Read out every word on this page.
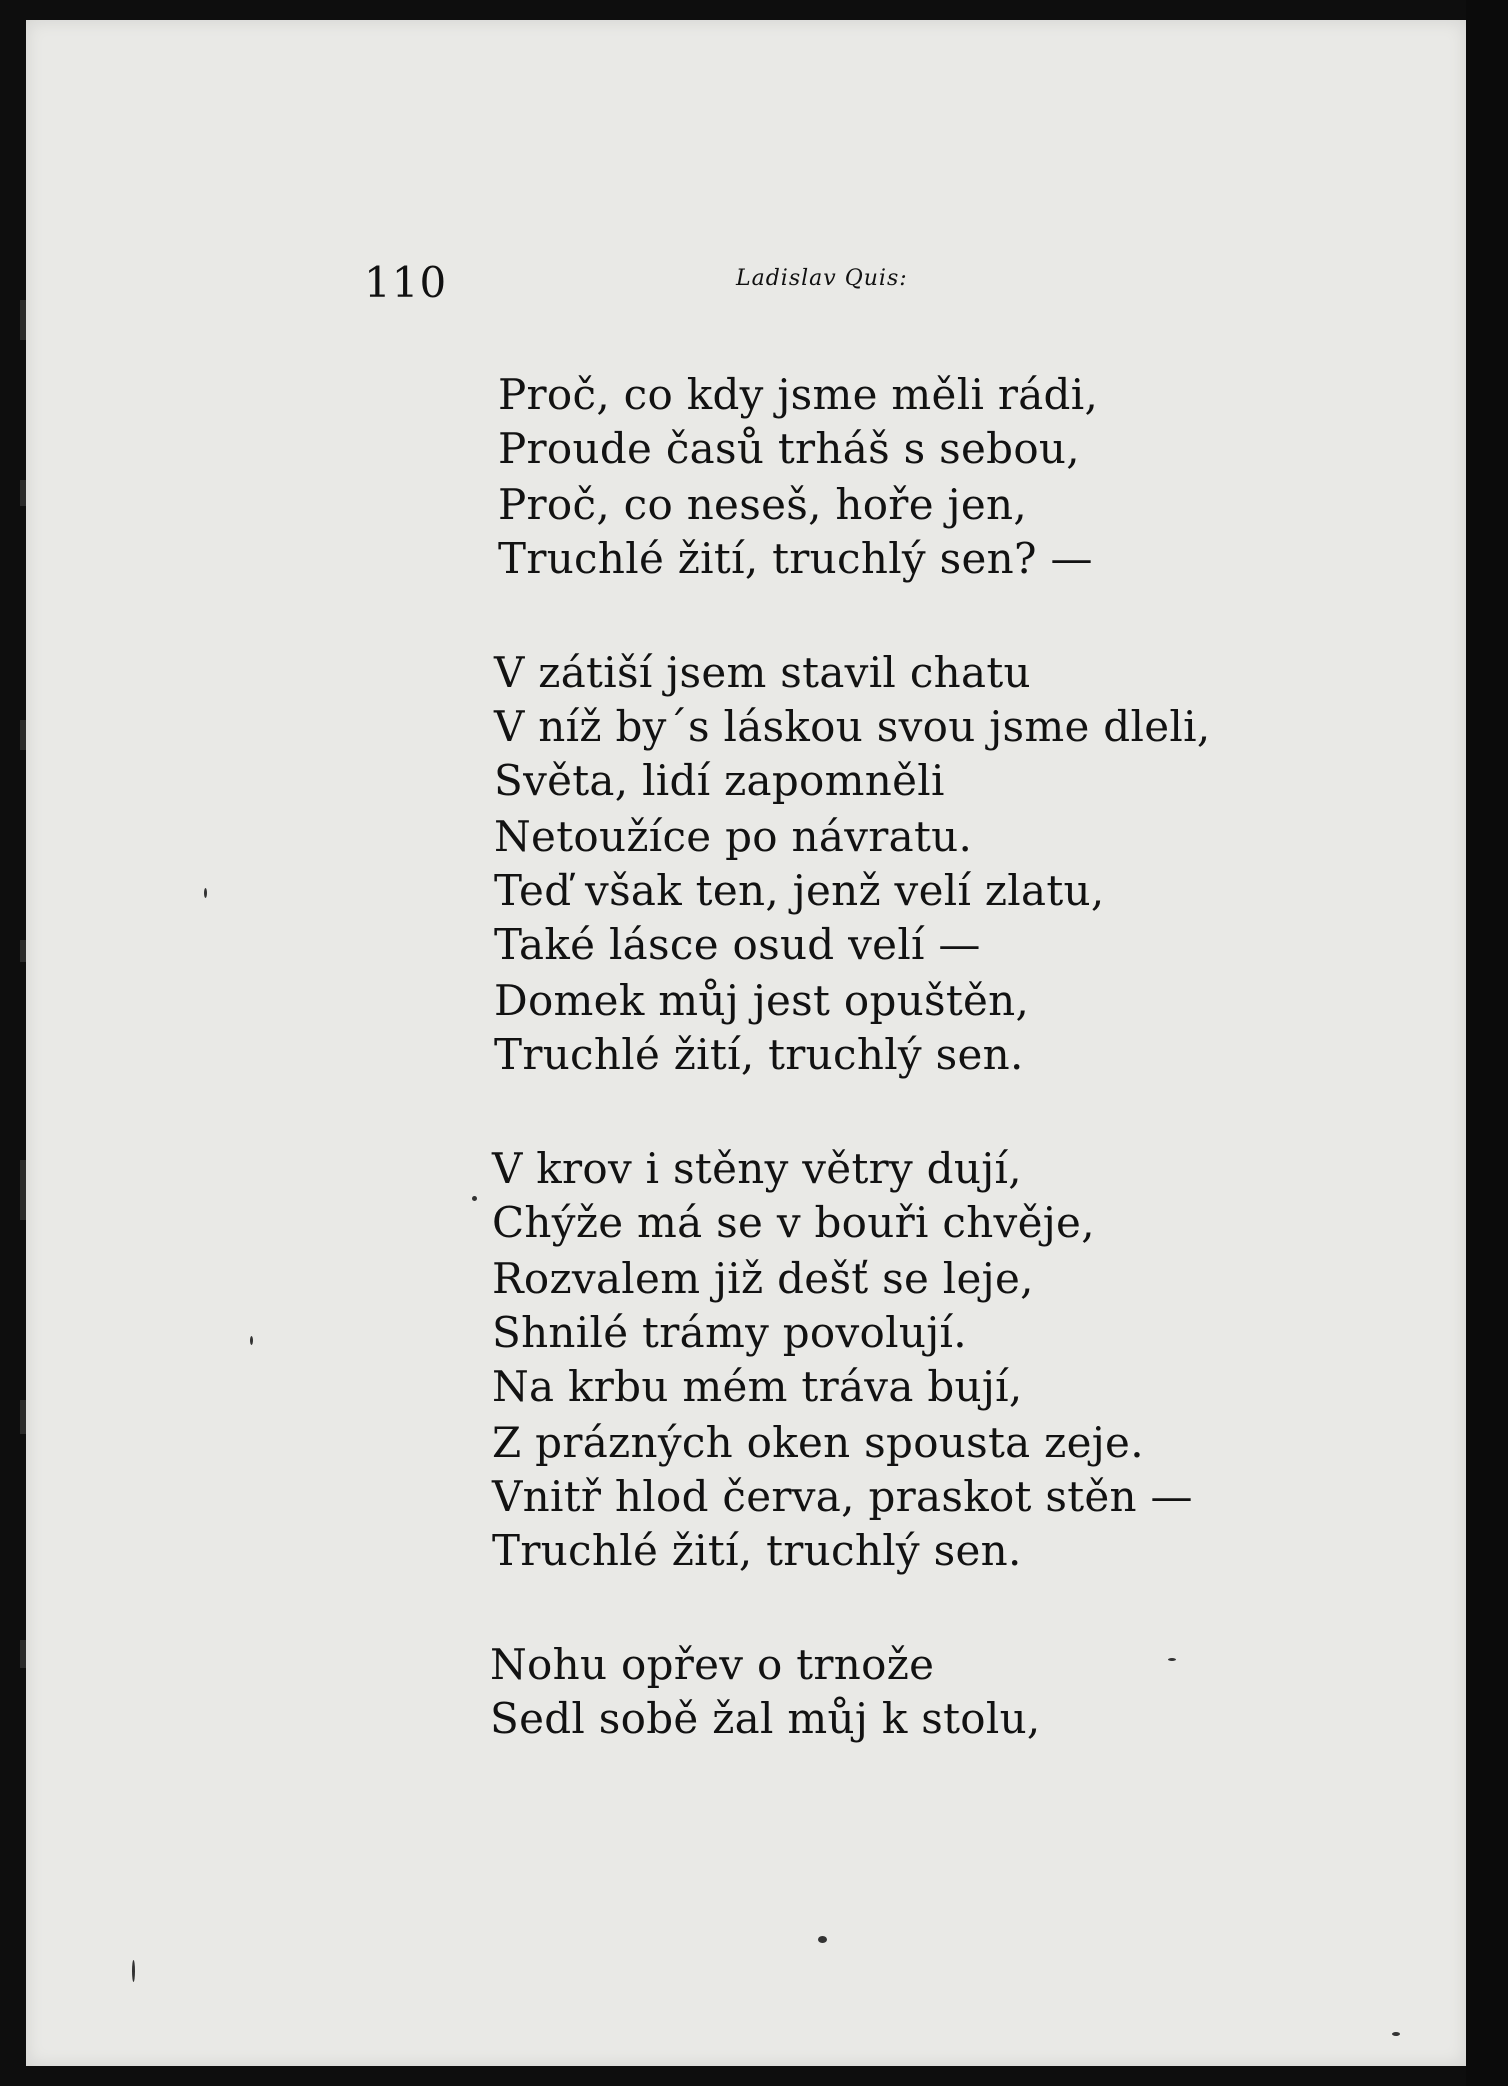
110	Ladislav Quis:
Proč, co kdy jsme měli rádi,
Proude časů trháš s sebou,
Proč, co neseš, hoře jen,
Truchlé žití, truchlý sen? —
V zátiší jsem stavil chatu
V níž by´s láskou svou jsme dleli,
Světa, lidí zapomněli
Netoužíce po návratu.
Teď však ten, jenž velí zlatu,
Také lásce osud velí —
Domek můj jest opuštěn,
Truchlé žití, truchlý sen.
V krov i stěny větry dují,
Chýže má se v bouři chvěje,
Rozvalem již dešť se leje,
Shnilé trámy povolují.
Na krbu mém tráva bují,
Z prázných oken spousta zeje.
Vnitř hlod červa, praskot stěn —
Truchlé žití, truchlý sen.
Nohu opřev o trnože
Sedl sobě žal můj k stolu,
